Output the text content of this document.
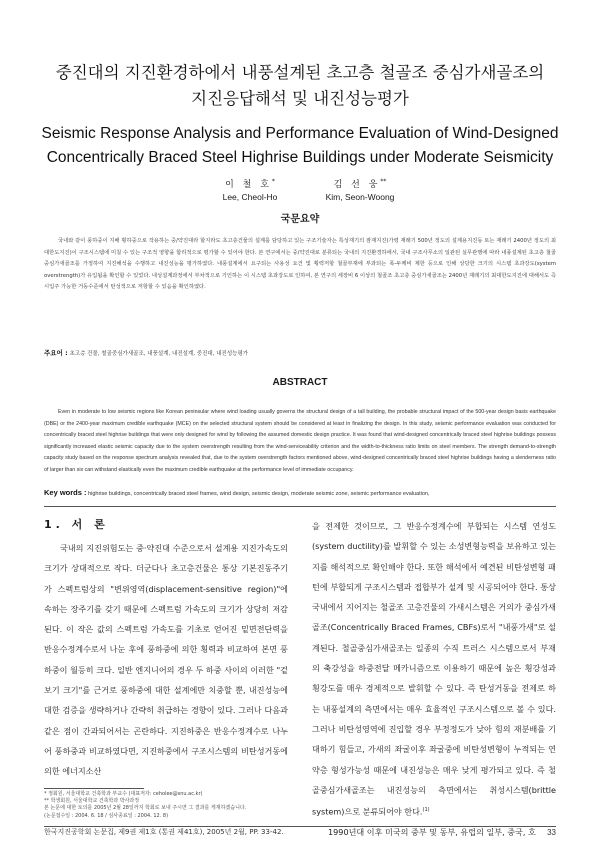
중진대의 지진환경하에서 내풍설계된 초고층 철골조 중심가새골조의
지진응답해석 및 내진성능평가
Seismic Response Analysis and Performance Evaluation of Wind-Designed
Concentrically Braced Steel Highrise Buildings under Moderate Seismicity
이 철 호*
Lee, Cheol-Ho
김 선 웅**
Kim, Seon-Woong
국문요약
국내와 같이 풍하중이 지배 횡하중으로 작용하는 중/약진대라 할지라도 초고층건물의 설계를 담당하고 있는 구조기술자는 특성재기의 잠재지진(가령 재래기 500년 정도의 설계용지진동 또는 재래기 2400년 정도의 최대한도지진)이 구조시스템에 미칠 수 있는 구조적 영향을 합리적으로 평가할 수 있어야 한다. 본 연구에서는 중/약진대로 분류되는 국내의 지진환경하에서, 국내 구조사무소의 일관된 실무관행에 따라 내풍설계된 초고층 철골중심가새골조를 가정하여 지진해석을 수행하고 내진성능을 평가하였다. 내풍설계에서 요구되는 사용성 요건 및 횡력저항 철골부재에 부과되는 폭-두께비 제한 등으로 인해 상당한 크기의 시스템 초과강도(system overstrength)가 유입됨을 확인할 수 있었다. 내성설계과정에서 부차적으로 기인하는 이 시스템 초과강도로 인하여, 본 연구의 세장비 6 이상의 철골조 초고층 중심가새골조는 2400년 재래기의 최대한도지진에 대해서도 즉시입주 가능한 거동수준에서 탄성적으로 저항할 수 있음을 확인하였다.
주요어 : 초고층 건물, 철골중심가새골조, 내풍설계, 내진설계, 중진대, 내진성능평가
ABSTRACT
Even in moderate to low seismic regions like Korean peninsular where wind loading usually governs the structural design of a tall building, the probable structural impact of the 500-year design basis earthquake (DBE) or the 2400-year maximum credible earthquake (MCE) on the selected structural system should be considered at least in finalizing the design. In this study, seismic performance evaluation was conducted for concentrically braced steel highrise buildings that were only designed for wind by following the assumed domestic design practice. It was found that wind-designed concentrically braced steel highrise buildings possess significantly increased elastic seismic capacity due to the system overstrength resulting from the wind-serviceability criterion and the width-to-thickness ratio limits on steel members. The strength demand-to-strength capacity study based on the response spectrum analysis revealed that, due to the system overstrength factors mentioned above, wind-designed concentrically braced steel highrise buildings having a slenderness ratio of larger than six can withstand elastically even the maximum credible earthquake at the performance level of immediate occupancy.
Key words : highrise buildings, concentrically braced steel frames, wind design, seismic design, moderate seismic zone, seismic performance evaluation,
1. 서 론
국내의 지진위험도는 중·약진대 수준으로서 설계용 지진가속도의 크기가 상대적으로 작다. 더군다나 초고층건물은 통상 기본진동주기가 스펙트럼상의 "변위영역(displacement-sensitive region)"에 속하는 장주기를 갖기 때문에 스펙트럼 가속도의 크기가 상당히 저감된다. 이 작은 값의 스펙트럼 가속도를 기초로 얻어진 밑면전단력을 반응수정계수로서 나눈 후에 풍하중에 의한 횡력과 비교하여 본면 풍하중이 월등히 크다. 일반 엔지니어의 경우 두 하중 사이의 이러한 "겉보기 크기"를 근거로 풍하중에 대한 설계에만 치중할 뿐, 내진성능에 대한 검증을 생략하거나 간략히 취급하는 경향이 있다. 그러나 다음과 같은 점이 간과되어서는 곤란하다. 지진하중은 반응수정계수로 나누어 풍하중과 비교하였다면, 지진하중에서 구조시스템의 비탄성거동에 의한 에너지소산

을 전제한 것이므로, 그 반응수정계수에 부합되는 시스템 연성도(system ductility)를 발휘할 수 있는 소성변형능력을 보유하고 있는지를 해석적으로 확인해야 한다. 또한 해석에서 예견된 비탄성변형 패턴에 부합되게 구조시스템과 접합부가 설계 및 시공되어야 한다. 통상 국내에서 지어지는 철골조 고층건물의 가새시스템은 거의가 중심가새골조(Concentrically Braced Frames, CBFs)로서 "내풍가새"로 설계된다. 철골중심가새골조는 일종의 수직 트러스 시스템으로서 부재의 축강성을 하중전달 메카니즘으로 이용하기 때문에 높은 횡강성과 횡강도를 매우 경제적으로 발휘할 수 있다. 즉 탄성거동을 전제로 하는 내풍설계의 측면에서는 매우 효율적인 구조시스템으로 볼 수 있다. 그러나 비탄성영역에 진입할 경우 부정정도가 낮아 힘의 재분배를 기대하기 힘들고, 가새의 좌굴이후 좌굴중에 비탄성변형이 누적되는 연약층 형성가능성 때문에 내진성능은 매우 낮게 평가되고 있다. 즉 철골중심가새골조는 내진성능의 측면에서는 취성시스템(brittle system)으로 분류되어야 한다.$^{(1)}$

1990년대 이후 미국의 중부 및 동부, 유럽의 일부, 중국, 호

* 정회원, 서울대학교 건축학과 부교수 (대표저자: ceholee@snu.ac.kr)
** 학생회원, 서울대학교 건축학과 박사과정
본 논문에 대한 토의를 2005년 2월 28일까지 학회로 보내 주시면 그 결과를 게재하겠습니다.
(논문접수일 : 2004. 6. 18 / 심사종료일 : 2004. 12. 8)
한국지진공학회 논문집, 제9권 제1호 (통권 제41호), 2005년 2월, PP. 33-42.	33
